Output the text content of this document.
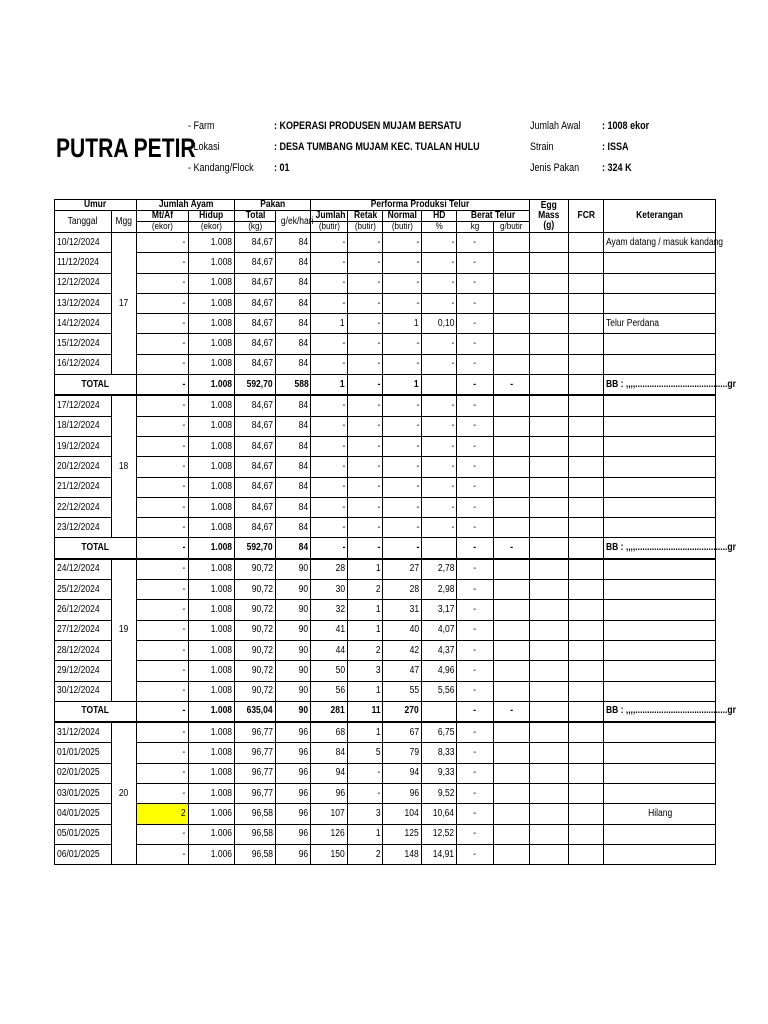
PUTRA PETIR
- Farm
- Lokasi
- Kandang/Flock
: KOPERASI PRODUSEN MUJAM BERSATU
: DESA TUMBANG MUJAM KEC. TUALAN HULU
: 01
Jumlah Awal
Strain
Jenis Pakan
: 1008 ekor
: ISSA
: 324 K
Umur		Jumlah Ayam		Pakan		Performa Produksi Telur						Egg Mass (g)	FCR	Keterangan
Tanggal	Mgg	Mt/Af	Hidup	Total	g/ek/hari	Jumlah	Retak	Normal	HD	Berat Telur				
		(ekor)	(ekor)	(kg)		(butir)	(butir)	(butir)	%	kg	g/butir			
10/12/2024	17	-	1.008	84,67	84	-	-	-	-	-				Ayam datang / masuk kandang
11/12/2024		-	1.008	84,67	84	-	-	-	-	-				
12/12/2024		-	1.008	84,67	84	-	-	-	-	-				
13/12/2024		-	1.008	84,67	84	-	-	-	-	-				
14/12/2024		-	1.008	84,67	84	1	-	1	0,10	-				Telur Perdana
15/12/2024		-	1.008	84,67	84	-	-	-	-	-				
16/12/2024		-	1.008	84,67	84	-	-	-	-	-				
TOTAL		-	1.008	592,70	588	1	-	1		-	-			BB : ,,,,.......................................gr
17/12/2024	18	-	1.008	84,67	84	-	-	-	-	-				
18/12/2024		-	1.008	84,67	84	-	-	-	-	-				
19/12/2024		-	1.008	84,67	84	-	-	-	-	-				
20/12/2024		-	1.008	84,67	84	-	-	-	-	-				
21/12/2024		-	1.008	84,67	84	-	-	-	-	-				
22/12/2024		-	1.008	84,67	84	-	-	-	-	-				
23/12/2024		-	1.008	84,67	84	-	-	-	-	-				
TOTAL		-	1.008	592,70	84	-	-	-		-	-			BB : ,,,,.......................................gr
24/12/2024	19	-	1.008	90,72	90	28	1	27	2,78	-				
25/12/2024		-	1.008	90,72	90	30	2	28	2,98	-				
26/12/2024		-	1.008	90,72	90	32	1	31	3,17	-				
27/12/2024		-	1.008	90,72	90	41	1	40	4,07	-				
28/12/2024		-	1.008	90,72	90	44	2	42	4,37	-				
29/12/2024		-	1.008	90,72	90	50	3	47	4,96	-				
30/12/2024		-	1.008	90,72	90	56	1	55	5,56	-				
TOTAL		-	1.008	635,04	90	281	11	270		-	-			BB : ,,,,.......................................gr
31/12/2024	20	-	1.008	96,77	96	68	1	67	6,75	-				
01/01/2025		-	1.008	96,77	96	84	5	79	8,33	-				
02/01/2025		-	1.008	96,77	96	94	-	94	9,33	-				
03/01/2025		-	1.008	96,77	96	96	-	96	9,52	-				
04/01/2025		2	1.006	96,58	96	107	3	104	10,64	-				Hilang
05/01/2025		-	1.006	96,58	96	126	1	125	12,52	-				
06/01/2025		-	1.006	96,58	96	150	2	148	14,91	-				
